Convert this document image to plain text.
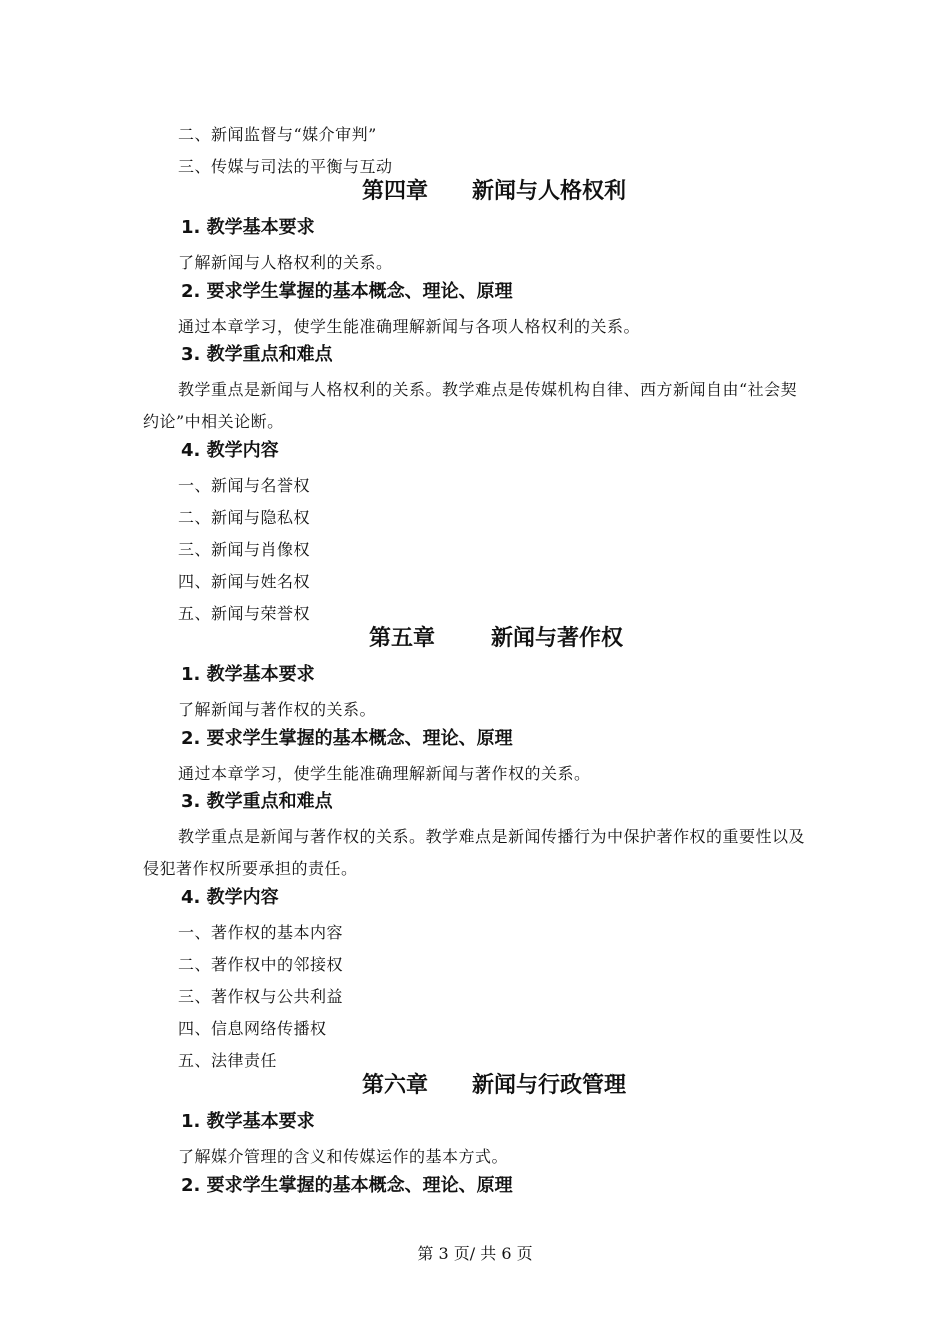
二、新闻监督与“媒介审判”
三、传媒与司法的平衡与互动
第四章 新闻与人格权利
1. 教学基本要求
了解新闻与人格权利的关系。
2. 要求学生掌握的基本概念、理论、原理
通过本章学习，使学生能准确理解新闻与各项人格权利的关系。
3. 教学重点和难点
教学重点是新闻与人格权利的关系。教学难点是传媒机构自律、西方新闻自由“社会契
约论”中相关论断。
4. 教学内容
一、新闻与名誉权
二、新闻与隐私权
三、新闻与肖像权
四、新闻与姓名权
五、新闻与荣誉权
第五章	新闻与著作权
1. 教学基本要求
了解新闻与著作权的关系。
2. 要求学生掌握的基本概念、理论、原理
通过本章学习，使学生能准确理解新闻与著作权的关系。
3. 教学重点和难点
教学重点是新闻与著作权的关系。教学难点是新闻传播行为中保护著作权的重要性以及
侵犯著作权所要承担的责任。
4. 教学内容
一、著作权的基本内容
二、著作权中的邻接权
三、著作权与公共利益
四、信息网络传播权
五、法律责任
第六章 新闻与行政管理
1. 教学基本要求
了解媒介管理的含义和传媒运作的基本方式。
2. 要求学生掌握的基本概念、理论、原理
第 3 页/ 共 6 页
